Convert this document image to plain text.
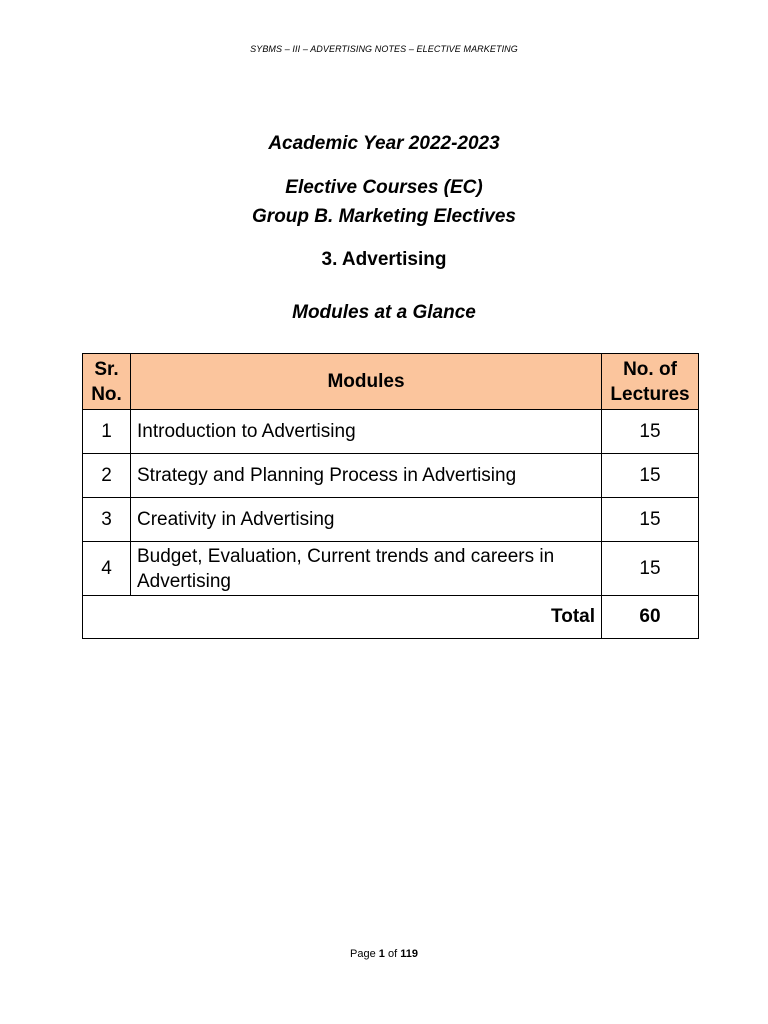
SYBMS – III – ADVERTISING NOTES – ELECTIVE MARKETING
Academic Year 2022-2023
Elective Courses (EC)
Group B. Marketing Electives
3. Advertising
Modules at a Glance
Sr. No.	Modules	No. of Lectures
1	Introduction to Advertising	15
2	Strategy and Planning Process in Advertising	15
3	Creativity in Advertising	15
4	Budget, Evaluation, Current trends and careers in Advertising	15
Total		60
Page 1 of 119
